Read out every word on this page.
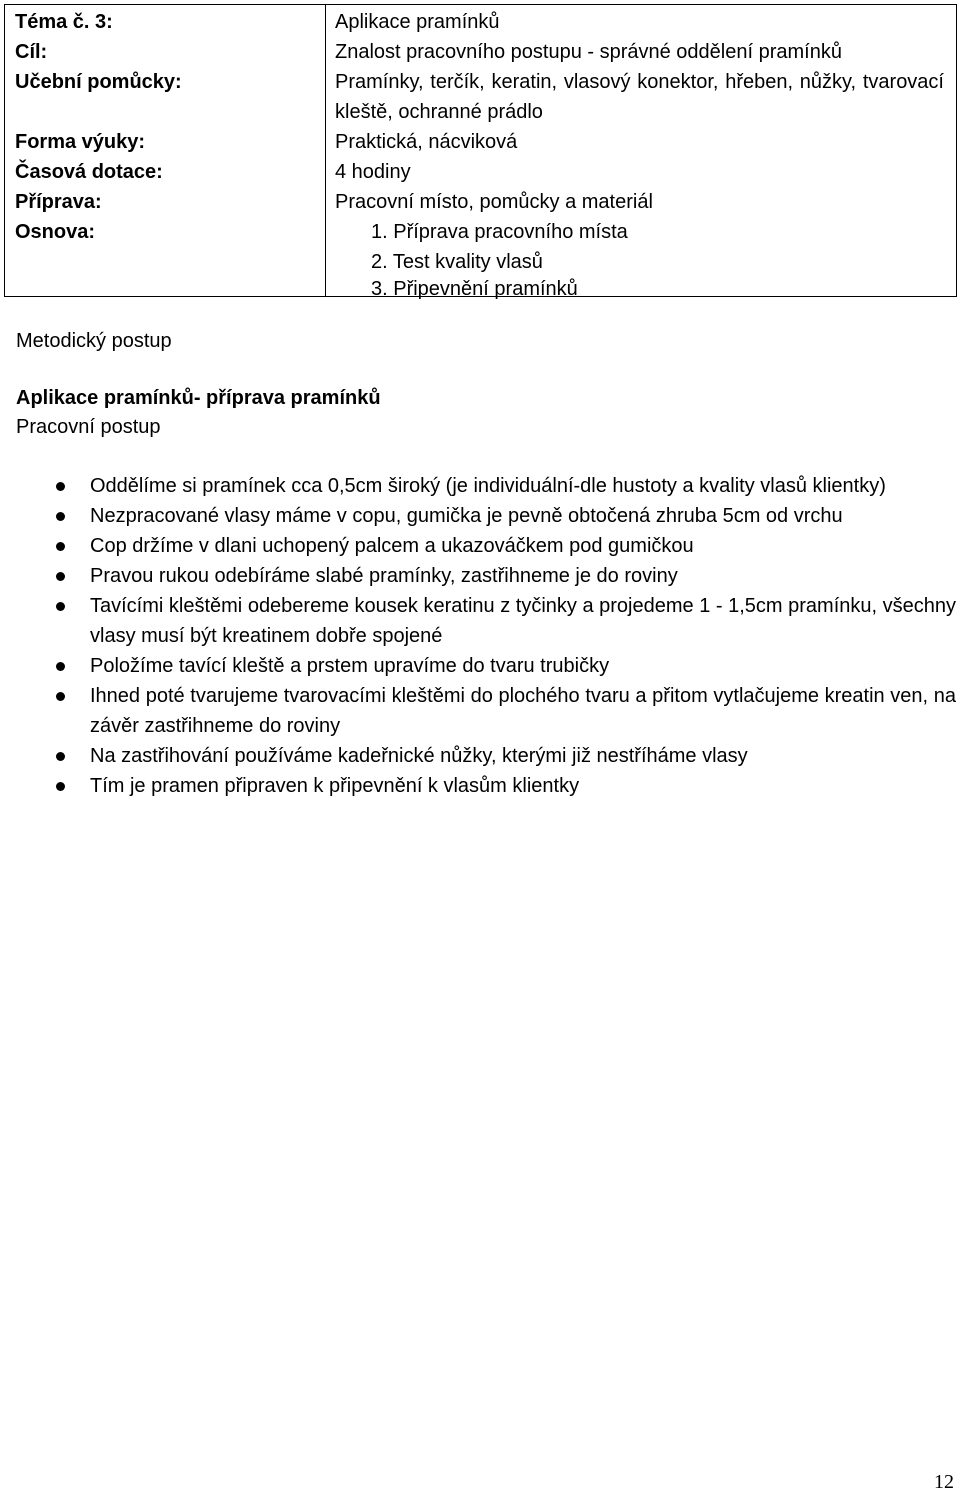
Téma č. 3:	Aplikace pramínků
Cíl:	Znalost pracovního postupu - správné oddělení pramínků
Učební pomůcky:	Pramínky, terčík, keratin, vlasový konektor, hřeben, nůžky, tvarovací kleště, ochranné prádlo
Forma výuky:	Praktická, nácviková
Časová dotace:	4 hodiny
Příprava:	Pracovní místo, pomůcky a materiál
Osnova:	1. Příprava pracovního místa
2. Test kvality vlasů
3. Připevnění pramínků
Metodický postup
Aplikace pramínků- příprava pramínků
Pracovní postup
Oddělíme si pramínek cca 0,5cm široký (je individuální-dle hustoty a kvality vlasů klientky)
Nezpracované vlasy máme v copu, gumička je pevně obtočená zhruba 5cm od vrchu
Cop držíme v dlani uchopený palcem a ukazováčkem pod gumičkou
Pravou rukou odebíráme slabé pramínky, zastřihneme je do roviny
Tavícími kleštěmi odebereme kousek keratinu z tyčinky a projedeme 1 - 1,5cm pramínku, všechny vlasy musí být kreatinem dobře spojené
Položíme tavící kleště a prstem upravíme do tvaru trubičky
Ihned poté tvarujeme tvarovacími kleštěmi do plochého tvaru a přitom vytlačujeme kreatin ven, na závěr zastřihneme do roviny
Na zastřihování používáme kadeřnické nůžky, kterými již nestříháme vlasy
Tím je pramen připraven k připevnění k vlasům klientky
12
